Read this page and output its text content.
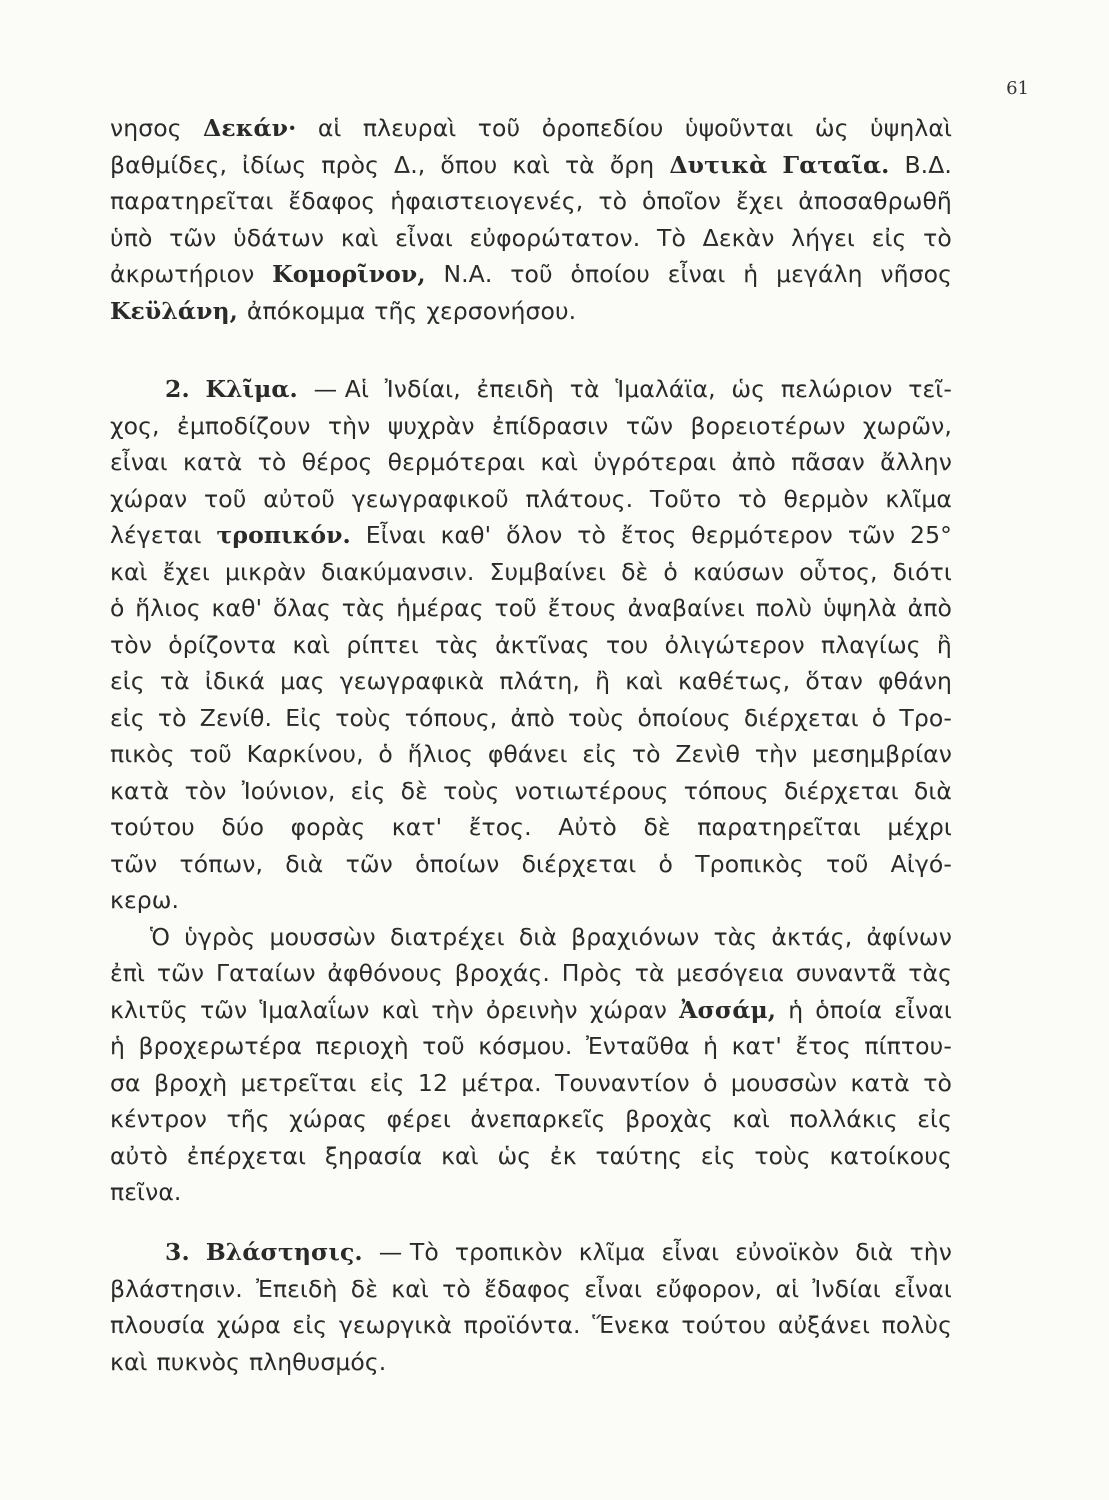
61
νησος Δεκάν· αἱ πλευραὶ τοῦ ὀροπεδίου ὑψοῦνται ὡς ὑψηλαὶ
βαθμίδες, ἰδίως πρὸς Δ., ὅπου καὶ τὰ ὄρη Δυτικὰ Γαταῖα. Β.Δ.
παρατηρεῖται ἔδαφος ἡφαιστειογενές, τὸ ὁποῖον ἔχει ἀποσαθρωθῆ
ὑπὸ τῶν ὑδάτων καὶ εἶναι εὐφορώτατον. Τὸ Δεκὰν λήγει εἰς τὸ
ἀκρωτήριον Κομορῖνον, Ν.Α. τοῦ ὁποίου εἶναι ἡ μεγάλη νῆσος
Κεϋλάνη, ἀπόκομμα τῆς χερσονήσου.
2. Κλῖμα. — Αἱ Ἰνδίαι, ἐπειδὴ τὰ Ἱμαλάϊα, ὡς πελώριον τεῖ-
χος, ἐμποδίζουν τὴν ψυχρὰν ἐπίδρασιν τῶν βορειοτέρων χωρῶν,
εἶναι κατὰ τὸ θέρος θερμότεραι καὶ ὑγρότεραι ἀπὸ πᾶσαν ἄλλην
χώραν τοῦ αὐτοῦ γεωγραφικοῦ πλάτους. Τοῦτο τὸ θερμὸν κλῖμα
λέγεται τροπικόν. Εἶναι καθ' ὅλον τὸ ἔτος θερμότερον τῶν 25°
καὶ ἔχει μικρὰν διακύμανσιν. Συμβαίνει δὲ ὁ καύσων οὗτος, διότι
ὁ ἥλιος καθ' ὅλας τὰς ἡμέρας τοῦ ἔτους ἀναβαίνει πολὺ ὑψηλὰ ἀπὸ
τὸν ὁρίζοντα καὶ ρίπτει τὰς ἀκτῖνας του ὀλιγώτερον πλαγίως ἢ
εἰς τὰ ἰδικά μας γεωγραφικὰ πλάτη, ἢ καὶ καθέτως, ὅταν φθάνη
εἰς τὸ Ζενίθ. Εἰς τοὺς τόπους, ἀπὸ τοὺς ὁποίους διέρχεται ὁ Τρο-
πικὸς τοῦ Καρκίνου, ὁ ἥλιος φθάνει εἰς τὸ Ζενὶθ τὴν μεσημβρίαν
κατὰ τὸν Ἰούνιον, εἰς δὲ τοὺς νοτιωτέρους τόπους διέρχεται διὰ
τούτου δύο φορὰς κατ' ἔτος. Αὐτὸ δὲ παρατηρεῖται μέχρι
τῶν τόπων, διὰ τῶν ὁποίων διέρχεται ὁ Τροπικὸς τοῦ Αἰγό-
κερω.
Ὁ ὑγρὸς μουσσὼν διατρέχει διὰ βραχιόνων τὰς ἀκτάς, ἀφίνων
ἐπὶ τῶν Γαταίων ἀφθόνους βροχάς. Πρὸς τὰ μεσόγεια συναντᾶ τὰς
κλιτῦς τῶν Ἱμαλαΐων καὶ τὴν ὀρεινὴν χώραν Ἀσσάμ, ἡ ὁποία εἶναι
ἡ βροχερωτέρα περιοχὴ τοῦ κόσμου. Ἐνταῦθα ἡ κατ' ἔτος πίπτου-
σα βροχὴ μετρεῖται εἰς 12 μέτρα. Τουναντίον ὁ μουσσὼν κατὰ τὸ
κέντρον τῆς χώρας φέρει ἀνεπαρκεῖς βροχὰς καὶ πολλάκις εἰς
αὐτὸ ἐπέρχεται ξηρασία καὶ ὡς ἐκ ταύτης εἰς τοὺς κατοίκους
πεῖνα.
3. Βλάστησις. — Τὸ τροπικὸν κλῖμα εἶναι εὐνοϊκὸν διὰ τὴν
βλάστησιν. Ἐπειδὴ δὲ καὶ τὸ ἔδαφος εἶναι εὔφορον, αἱ Ἰνδίαι εἶναι
πλουσία χώρα εἰς γεωργικὰ προϊόντα. Ἕνεκα τούτου αὐξάνει πολὺς
καὶ πυκνὸς πληθυσμός.
